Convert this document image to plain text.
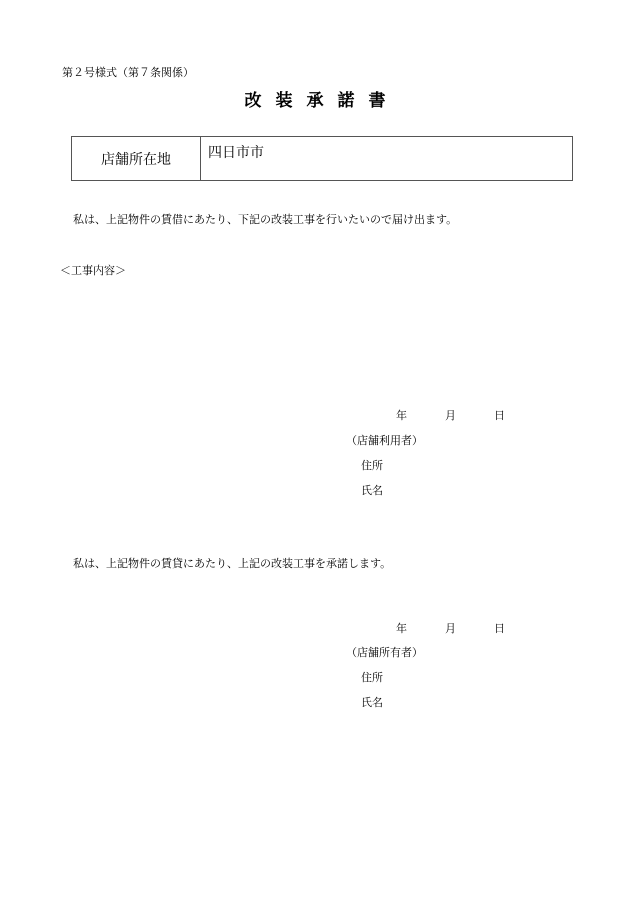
第２号様式（第７条関係）
改装承諾書
店舗所在地	四日市市
私は、上記物件の賃借にあたり、下記の改装工事を行いたいので届け出ます。
＜工事内容＞
年	月	日
（店舗利用者）
住所
氏名
私は、上記物件の賃貸にあたり、上記の改装工事を承諾します。
年	月	日
（店舗所有者）
住所
氏名
